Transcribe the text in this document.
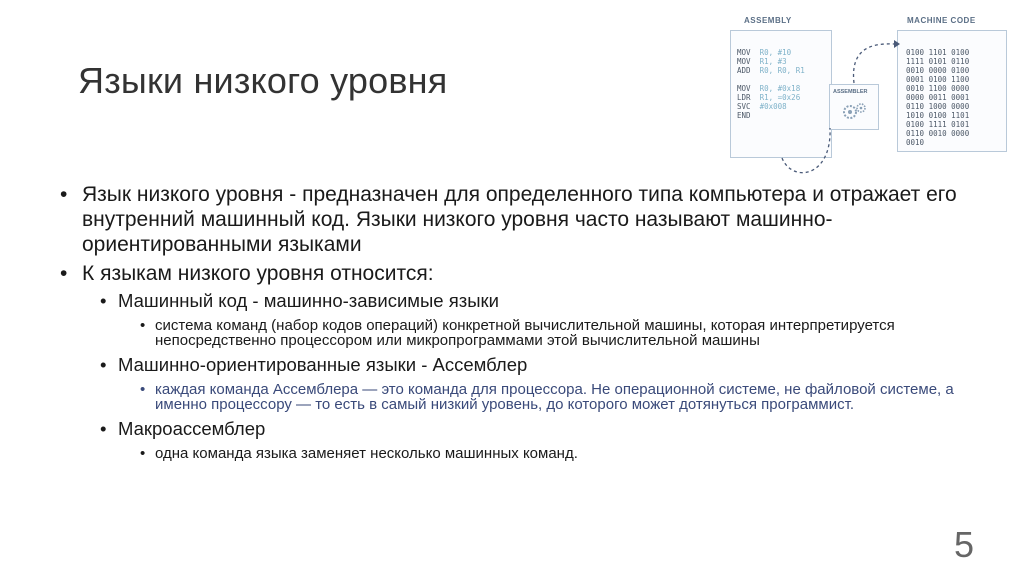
Языки низкого уровня
ASSEMBLY	MACHINE CODE

MOV R0, #10
MOV R1, #3
ADD R0, R0, R1

MOV R0, #0x18
LDR R1, =0x26
SVC #0x008
END
ASSEMBLER

0100 1101 0100
1111 0101 0110
0010 0000 0100
0001 0100 1100
0010 1100 0000
0000 0011 0001
0110 1000 0000
1010 0100 1101
0100 1111 0101
0110 0010 0000
0010
• Язык низкого уровня - предназначен для определенного типа компьютера и отражает его внутренний машинный код. Языки низкого уровня часто называют машинно-ориентированными языками
• К языкам низкого уровня относится:
• Машинный код - машинно-зависимые языки
• система команд (набор кодов операций) конкретной вычислительной машины, которая интерпретируется непосредственно процессором или микропрограммами этой вычислительной машины
• Машинно-ориентированные языки - Ассемблер
• каждая команда Ассемблера — это команда для процессора. Не операционной системе, не файловой системе, а именно процессору — то есть в самый низкий уровень, до которого может дотянуться программист.
• Макроассемблер
• одна команда языка заменяет несколько машинных команд.
5
